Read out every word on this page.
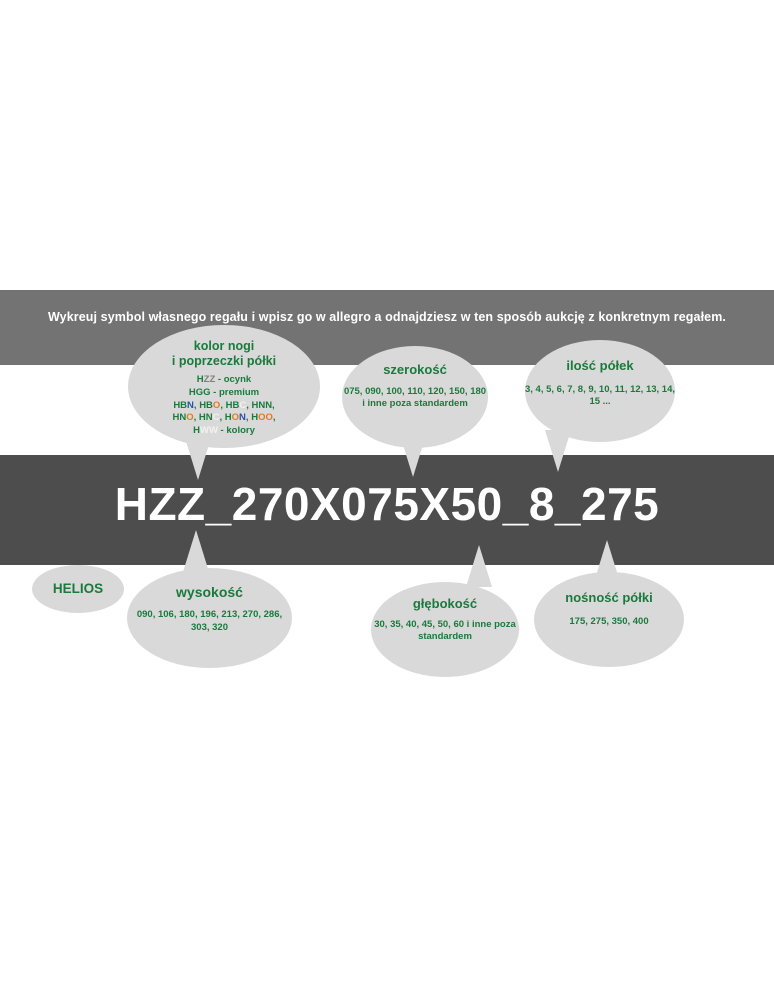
Wykreuj symbol własnego regału i wpisz go w allegro a odnajdziesz w ten sposób aukcję z konkretnym regałem.
HZZ_270X075X50_8_275
kolor nogi
i poprzeczki półki
HZZ - ocynk
HGG - premium
HBN, HBO, HBC, HNN,
HNO, HNC, HON, HOO,
HWW - kolory
szerokość
075, 090, 100, 110, 120, 150, 180 i inne poza standardem
ilość półek
3, 4, 5, 6, 7, 8, 9, 10, 11, 12, 13, 14, 15 ...
HELIOS	wysokość
090, 106, 180, 196, 213, 270, 286, 303, 320
głębokość
30, 35, 40, 45, 50, 60 i inne poza standardem
nośność półki
175, 275, 350, 400
